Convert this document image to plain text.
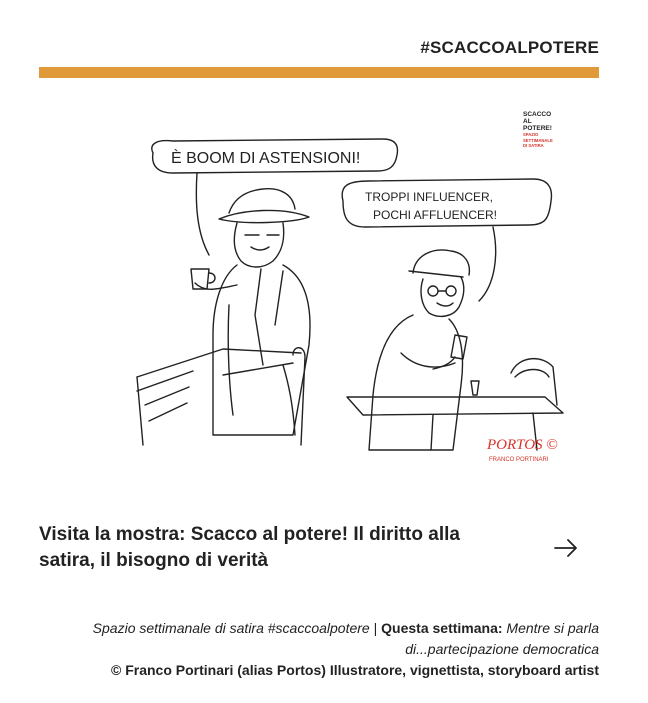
#SCACCOALPOTERE
È BOOM DI ASTENSIONI!
TROPPI INFLUENCER,
POCHI AFFLUENCER!
PORTOS ©
FRANCO PORTINARI
SCACCO
AL
POTERE!
SPAZIO
SETTIMANALE
DI SATIRA
Visita la mostra: Scacco al potere! Il diritto alla satira, il bisogno di verità
Spazio settimanale di satira #scaccoalpotere | Questa settimana: Mentre si parla di...partecipazione democratica
© Franco Portinari (alias Portos) Illustratore, vignettista, storyboard artist
